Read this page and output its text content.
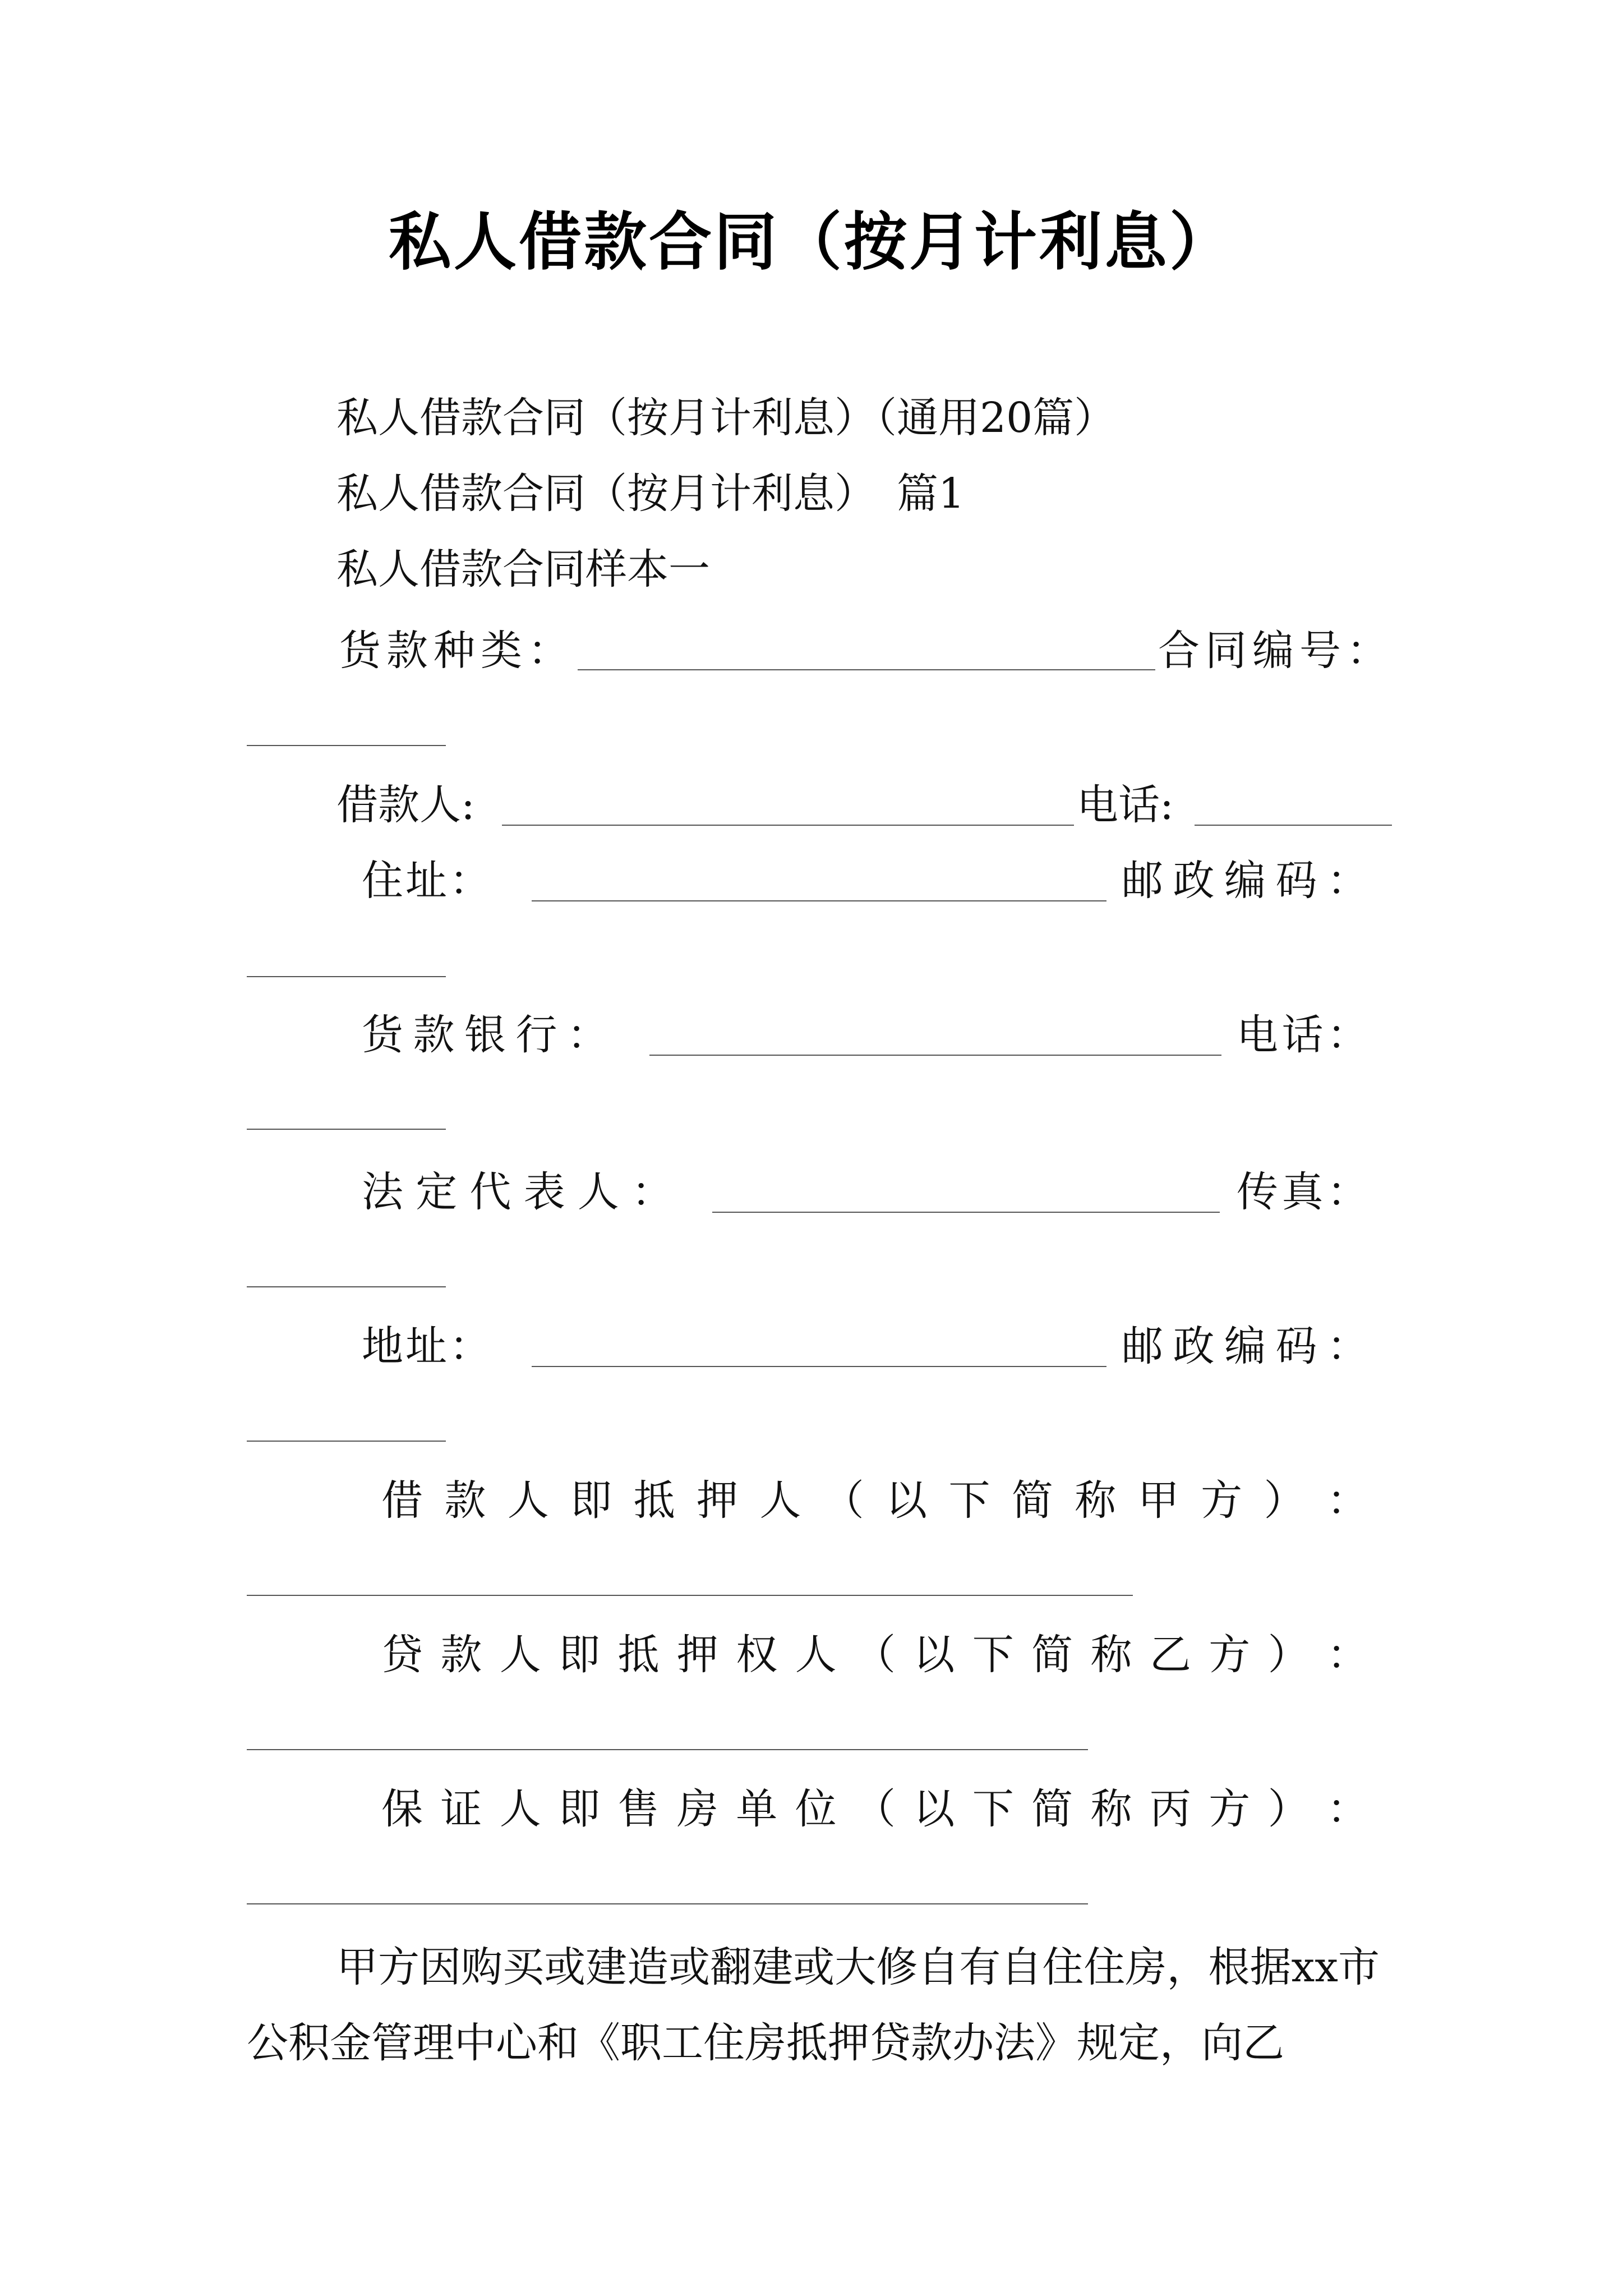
私人借款合同（按月计利息）
私人借款合同（按月计利息）（通用20篇）
私人借款合同（按月计利息）　篇1
私人借款合同样本一
货款种类：	合同编号：
借款人:	电话:
住 址 ：	邮 政 编 码 ：
货 款 银 行 ：	电 话 ：
法 定 代 表 人 ：	传 真 ：
地 址 ：	邮 政 编 码 ：
借 款 人 即 抵 押 人 （ 以 下 简 称 甲 方 ） ：
贷 款 人 即 抵 押 权 人 （ 以 下 简 称 乙 方 ） ：
保 证 人 即 售 房 单 位 （ 以 下 简 称 丙 方 ） ：
甲方因购买或建造或翻建或大修自有自住住房，根据xx市公积金管理中心和《职工住房抵押贷款办法》规定，向乙
